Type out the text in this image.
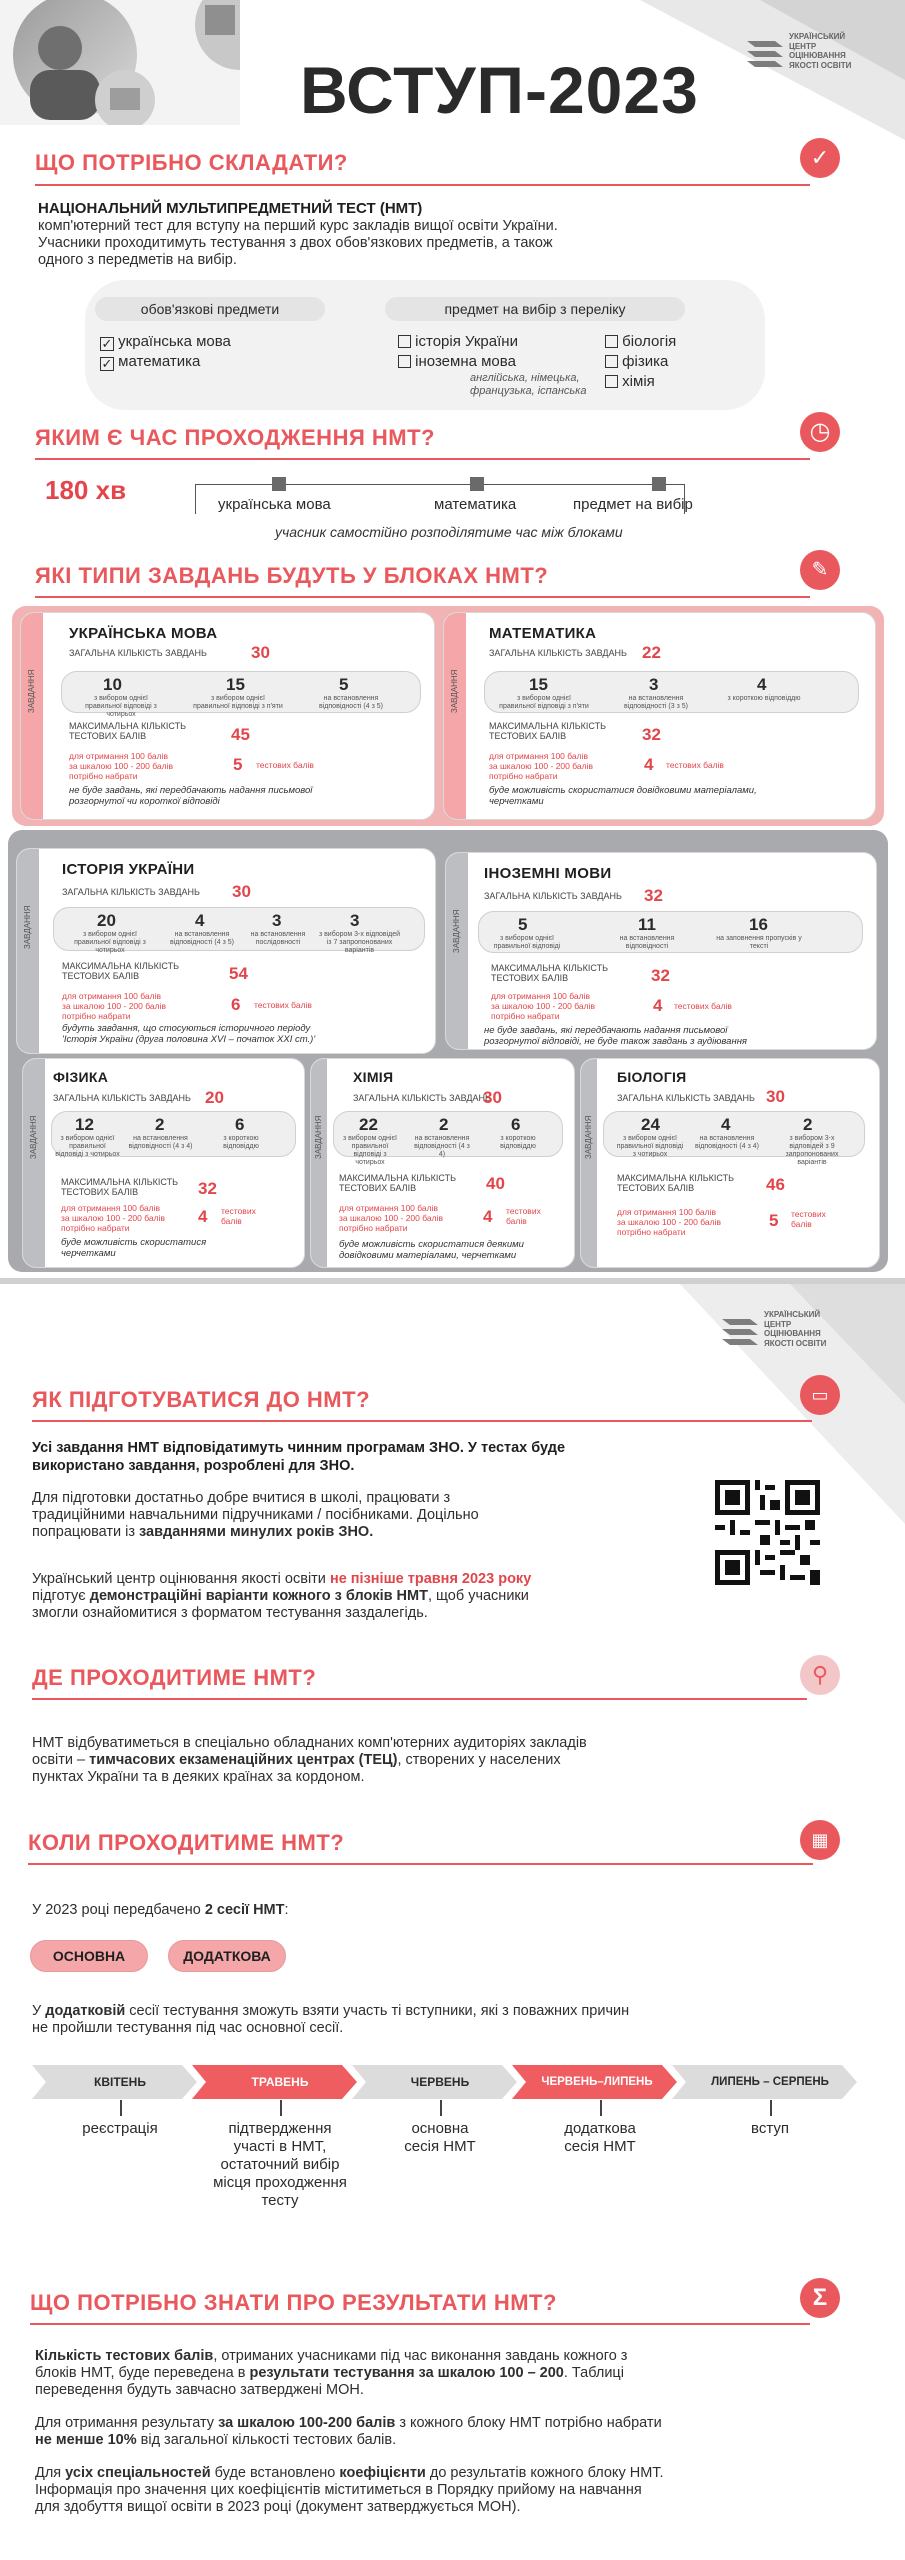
УКРАЇНСЬКИЙ
ЦЕНТР
ОЦІНЮВАННЯ
ЯКОСТІ ОСВІТИ
ВСТУП-2023
ЩО ПОТРІБНО СКЛАДАТИ?	✓
НАЦІОНАЛЬНИЙ МУЛЬТИПРЕДМЕТНИЙ ТЕСТ (НМТ)
комп'ютерний тест для вступу на перший курс закладів вищої освіти України.
Учасники проходитимуть тестування з двох обов'язкових предметів, а також
одного з передметів на вибір.
обов'язкові предмети	предмет на вибір з переліку
✓ українська мова
✓ математика
історія України
іноземна мова
англійська, німецька,
французька, іспанська
біологія
фізика
хімія
ЯКИМ Є ЧАС ПРОХОДЖЕННЯ НМТ?	◷
180 хв	українська мова	математика	предмет на вибір
учасник самостійно розподілятиме час між блоками
ЯКІ ТИПИ ЗАВДАНЬ БУДУТЬ У БЛОКАХ НМТ?	✎
ЗАВДАННЯ
УКРАЇНСЬКА МОВА
ЗАГАЛЬНА КІЛЬКІСТЬ ЗАВДАНЬ	30
10
з вибором однієї правильної відповіді з чотирьох
15
з вибором однієї правильної відповіді з п'яти
5
на встановлення відповідності (4 з 5)
МАКСИМАЛЬНА КІЛЬКІСТЬ
ТЕСТОВИХ БАЛІВ	45
для отримання 100 балів
за шкалою 100 - 200 балів
потрібно набрати
5 тестових балів
не буде завдань, які передбачають надання письмової
розгорнутої чи короткої відповіді
ЗАВДАННЯ
МАТЕМАТИКА
ЗАГАЛЬНА КІЛЬКІСТЬ ЗАВДАНЬ 22
15
з вибором однієї правильної відповіді з п'яти
3
на встановлення відповідності (3 з 5)
4
з короткою відповіддю
МАКСИМАЛЬНА КІЛЬКІСТЬ
ТЕСТОВИХ БАЛІВ	32
для отримання 100 балів
за шкалою 100 - 200 балів
потрібно набрати
4 тестових балів
буде можливість скористатися довідковими матеріалами,
черчетками
ЗАВДАННЯ
ІСТОРІЯ УКРАЇНИ
ЗАГАЛЬНА КІЛЬКІСТЬ ЗАВДАНЬ 30
20
з вибором однієї правильної відповіді з чотирьох
4
на встановлення відповідності (4 з 5)
3
на встановлення послідовності
3
з вибором 3-х відповідей із 7 запропонованих варіантів
МАКСИМАЛЬНА КІЛЬКІСТЬ
ТЕСТОВИХ БАЛІВ	54
для отримання 100 балів
за шкалою 100 - 200 балів
потрібно набрати
6 тестових балів
будуть завдання, що стосуються історичного періоду
'Історія України (друга половина XVI – початок XXI ст.)'
ЗАВДАННЯ
ІНОЗЕМНІ МОВИ
ЗАГАЛЬНА КІЛЬКІСТЬ ЗАВДАНЬ 32
5
з вибором однієї правильної відповіді
11
на встановлення відповідності
16
на заповнення пропусків у тексті
МАКСИМАЛЬНА КІЛЬКІСТЬ
ТЕСТОВИХ БАЛІВ	32
для отримання 100 балів
за шкалою 100 - 200 балів
потрібно набрати
4 тестових балів
не буде завдань, які передбачають надання письмової
розгорнутої відповіді, не буде також завдань з аудіювання
ЗАВДАННЯ
ФІЗИКА
ЗАГАЛЬНА КІЛЬКІСТЬ ЗАВДАНЬ 20
12
з вибором однієї правильної відповіді з чотирьох
2
на встановлення відповідності (4 з 4)
6
з короткою відповіддю
МАКСИМАЛЬНА КІЛЬКІСТЬ
ТЕСТОВИХ БАЛІВ	32
для отримання 100 балів
за шкалою 100 - 200 балів
потрібно набрати
4 тестових балів
буде можливість скористатися
черчетками
ЗАВДАННЯ
ХІМІЯ
ЗАГАЛЬНА КІЛЬКІСТЬ ЗАВДАНЬ
30
22
з вибором однієї правильної відповіді з чотирьох
2
на встановлення відповідності (4 з 4)
6
з короткою відповіддю
МАКСИМАЛЬНА КІЛЬКІСТЬ
ТЕСТОВИХ БАЛІВ	40
для отримання 100 балів
за шкалою 100 - 200 балів
потрібно набрати
4 тестових балів
буде можливість скористатися деякими
довідковими матеріалами, черчетками
ЗАВДАННЯ
БІОЛОГІЯ
ЗАГАЛЬНА КІЛЬКІСТЬ ЗАВДАНЬ 30
24
з вибором однієї правильної відповіді з чотирьох
4
на встановлення відповідності (4 з 4)
2
з вибором 3-х відповідей з 9 запропонованих варіантів
МАКСИМАЛЬНА КІЛЬКІСТЬ
ТЕСТОВИХ БАЛІВ	46
для отримання 100 балів
за шкалою 100 - 200 балів
потрібно набрати
5 тестових балів
УКРАЇНСЬКИЙ
ЦЕНТР
ОЦІНЮВАННЯ
ЯКОСТІ ОСВІТИ
ЯК ПІДГОТУВАТИСЯ ДО НМТ?	▭
Усі завдання НМТ відповідатимуть чинним програмам ЗНО. У тестах буде
використано завдання, розроблені для ЗНО.
Для підготовки достатньо добре вчитися в школі, працювати з
традиційними навчальними підручниками / посібниками. Доцільно
попрацювати із завданнями минулих років ЗНО.
Український центр оцінювання якості освіти не пізніше травня 2023 року
підготує демонстраційні варіанти кожного з блоків НМТ, щоб учасники
змогли ознайомитися з форматом тестування заздалегідь.
ДЕ ПРОХОДИТИМЕ НМТ?	⚲
НМТ відбуватиметься в спеціально обладнаних комп'ютерних аудиторіях закладів
освіти – тимчасових екзаменаційних центрах (ТЕЦ), створених у населених
пунктах України та в деяких країнах за кордоном.
КОЛИ ПРОХОДИТИМЕ НМТ?	▦
У 2023 році передбачено 2 сесії НМТ:
ОСНОВНА	ДОДАТКОВА
У додатковій сесії тестування зможуть взяти участь ті вступники, які з поважних причин
не пройшли тестування під час основної сесії.
КВІТЕНЬ	ТРАВЕНЬ	ЧЕРВЕНЬ	ЧЕРВЕНЬ–ЛИПЕНЬ	ЛИПЕНЬ – СЕРПЕНЬ
реєстрація	підтвердження
участі в НМТ,
остаточний вибір
місця проходження
тесту
основна
сесія НМТ
додаткова
сесія НМТ
вступ
ЩО ПОТРІБНО ЗНАТИ ПРО РЕЗУЛЬТАТИ НМТ?	Σ
Кількість тестових балів, отриманих учасниками під час виконання завдань кожного з
блоків НМТ, буде переведена в результати тестування за шкалою 100 – 200. Таблиці
переведення будуть завчасно затверджені МОН.
Для отримання результату за шкалою 100-200 балів з кожного блоку НМТ потрібно набрати
не менше 10% від загальної кількості тестових балів.
Для усіх спеціальностей буде встановлено коефіцієнти до результатів кожного блоку НМТ.
Інформація про значення цих коефіцієнтів міститиметься в Порядку прийому на навчання
для здобуття вищої освіти в 2023 році (документ затверджується МОН).
